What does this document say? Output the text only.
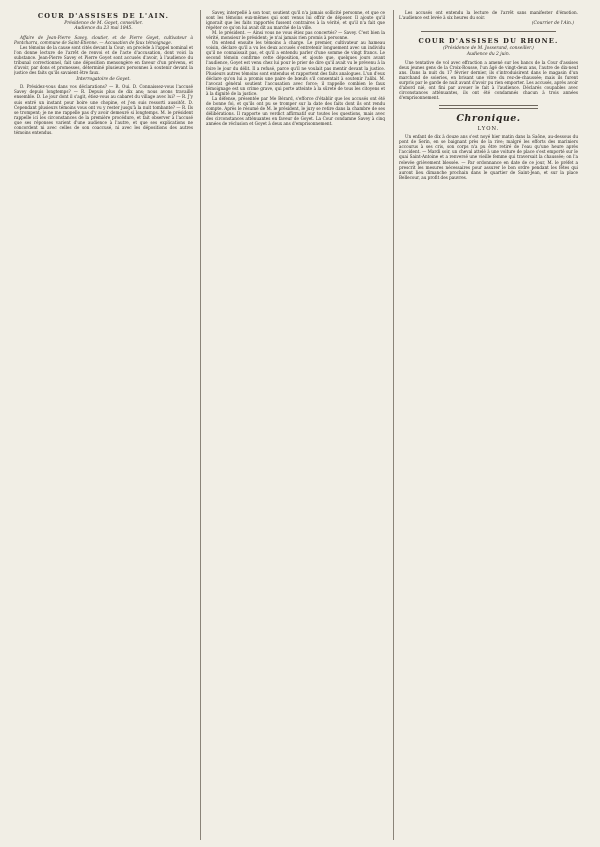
COUR D'ASSISES DE L'AIN.
Présidence de M. Goyet, conseiller.
Audience du 23 mai 1845.

Affaire de Jean-Pierre Savey, cloutier, et de Pierre Goyet, cultivateur à Pontcharra, commune de Saint-Étienne. — Accusation de faux témoignage.

Les témoins de la cause sont cités devant la Cour; on procède à l'appel nominal et l'on donne lecture de l'arrêt de renvoi et de l'acte d'accusation, dont voici la substance. Jean-Pierre Savey et Pierre Goyet sont accusés d'avoir, à l'audience du tribunal correctionnel, fait une déposition mensongère en faveur d'un prévenu, et d'avoir, par dons et promesses, déterminé plusieurs personnes à soutenir devant la justice des faits qu'ils savaient être faux.

Interrogatoire de Goyet.

D. Présidez-vous dans vos déclarations? — R. Oui. D. Connaissez-vous l'accusé Savey depuis longtemps? — R. Depuis plus de dix ans; nous avons travaillé ensemble. D. Le jour dont il s'agit, étiez-vous au cabaret du village avec lui? — R. J'y suis entré un instant pour boire une chopine, et j'en suis ressorti aussitôt. D. Cependant plusieurs témoins vous ont vu y rester jusqu'à la nuit tombante? — R. Ils se trompent; je ne me rappelle pas d'y avoir demeuré si longtemps. M. le président rappelle ici les circonstances de la première procédure, et fait observer à l'accusé que ses réponses varient d'une audience à l'autre, et que ses explications ne concordent ni avec celles de son coaccusé, ni avec les dépositions des autres témoins entendus.

Savey, interpellé à son tour, soutient qu'il n'a jamais sollicité personne, et que ce sont les témoins eux-mêmes qui sont venus lui offrir de déposer. Il ajoute qu'il ignorait que les faits rapportés fussent contraires à la vérité, et qu'il n'a fait que répéter ce qu'on lui avait dit au marché de la ville.

M. le président. — Ainsi vous ne vous étiez pas concertés? — Savey. C'est bien la vérité, monsieur le président; je n'ai jamais rien promis à personne.

On entend ensuite les témoins à charge. Le premier, cultivateur au hameau voisin, déclare qu'il a vu les deux accusés s'entretenir longuement avec un individu qu'il ne connaissait pas, et qu'il a entendu parler d'une somme de vingt francs. Le second témoin confirme cette déposition, et ajoute que, quelques jours avant l'audience, Goyet est venu chez lui pour le prier de dire qu'il avait vu le prévenu à la foire le jour du délit. Il a refusé, parce qu'il ne voulait pas mentir devant la justice. Plusieurs autres témoins sont entendus et rapportent des faits analogues. L'un d'eux déclare qu'on lui a promis une paire de bœufs s'il consentait à soutenir l'alibi. M. l'avocat général soutient l'accusation avec force; il rappelle combien le faux témoignage est un crime grave, qui porte atteinte à la sûreté de tous les citoyens et à la dignité de la justice.

La défense, présentée par Me Bérard, s'efforce d'établir que les accusés ont été de bonne foi, et qu'ils ont pu se tromper sur la date des faits dont ils ont rendu compte. Après le résumé de M. le président, le jury se retire dans la chambre de ses délibérations. Il rapporte un verdict affirmatif sur toutes les questions, mais avec des circonstances atténuantes en faveur de Goyet. La Cour condamne Savey à cinq années de réclusion et Goyet à deux ans d'emprisonnement.

Les accusés ont entendu la lecture de l'arrêt sans manifester d'émotion. L'audience est levée à six heures du soir.

(Courrier de l'Ain.)
COUR D'ASSISES DU RHONE.
(Présidence de M. Josserand, conseiller.)
Audience du 2 juin.

Une tentative de vol avec effraction a amené sur les bancs de la Cour d'assises deux jeunes gens de la Croix-Rousse, l'un âgé de vingt-deux ans, l'autre de dix-neuf ans. Dans la nuit du 17 février dernier, ils s'introduisirent dans le magasin d'un marchand de soieries, en brisant une vitre du rez-de-chaussée; mais ils furent surpris par le garde de nuit avant d'avoir pu rien emporter. Les accusés, après avoir d'abord nié, ont fini par avouer le fait à l'audience. Déclarés coupables avec circonstances atténuantes, ils ont été condamnés chacun à trois années d'emprisonnement.

Chronique.
LYON.

Un enfant de dix à douze ans s'est noyé hier matin dans la Saône, au-dessous du pont de Serin, en se baignant près de la rive; malgré les efforts des mariniers accourus à ses cris, son corps n'a pu être retiré de l'eau qu'une heure après l'accident. — Mardi soir, un cheval attelé à une voiture de place s'est emporté sur le quai Saint-Antoine et a renversé une vieille femme qui traversait la chaussée; on l'a relevée grièvement blessée. — Par ordonnance en date de ce jour, M. le préfet a prescrit les mesures nécessaires pour assurer le bon ordre pendant les fêtes qui auront lieu dimanche prochain dans le quartier de Saint-Jean, et sur la place Bellecour, au profit des pauvres.
